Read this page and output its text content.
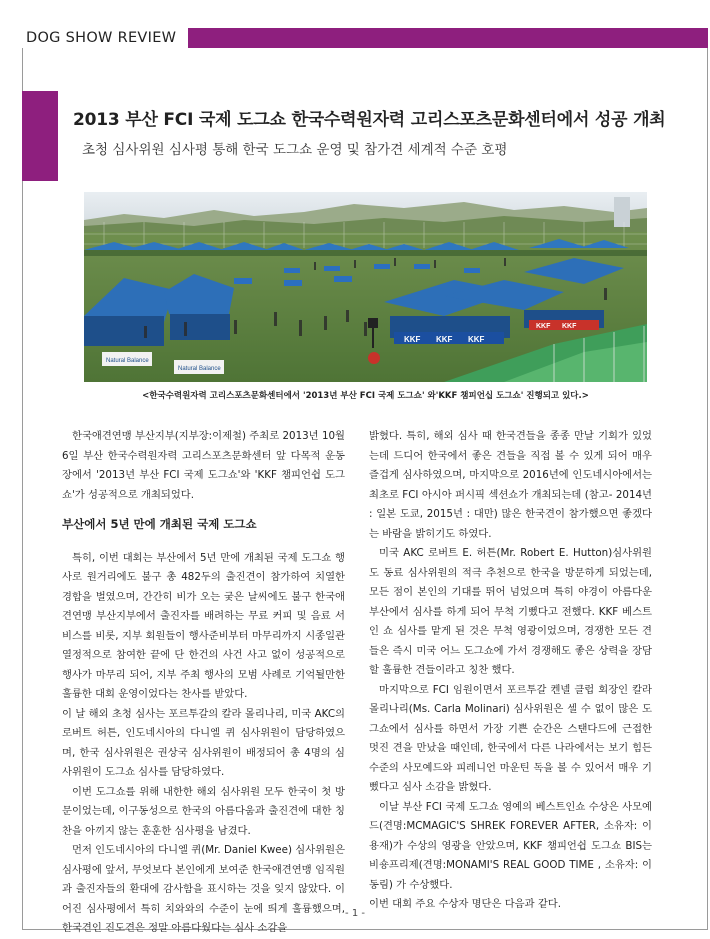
DOG SHOW REVIEW
2013 부산 FCI 국제 도그쇼 한국수력원자력 고리스포츠문화센터에서 성공 개최
초청 심사위원 심사평 통해 한국 도그쇼 운영 및 참가견 세계적 수준 호평
KKF KKF KKF
KKF KKF
Natural Balance
Natural Balance
<한국수력원자력 고리스포츠문화센터에서 '2013년 부산 FCI 국제 도그쇼' 와'KKF 챔피언십 도그쇼' 진행되고 있다.>

한국애견연맹 부산지부(지부장:이제철) 주최로 2013년 10월 6일 부산 한국수력원자력 고리스포츠문화센터 앞 다목적 운동장에서 '2013년 부산 FCI 국제 도그쇼'와 'KKF 챔피언쉽 도그쇼'가 성공적으로 개최되었다.

부산에서 5년 만에 개최된 국제 도그쇼

특히, 이번 대회는 부산에서 5년 만에 개최된 국제 도그쇼 행사로 원거리에도 불구 총 482두의 출진견이 참가하여 치열한 경합을 벌였으며, 간간히 비가 오는 궂은 날씨에도 불구 한국애견연맹 부산지부에서 출진자를 배려하는 무료 커피 및 음료 서비스를 비롯, 지부 회원들이 행사준비부터 마무리까지 시종일관 열정적으로 참여한 끝에 단 한건의 사건 사고 없이 성공적으로 행사가 마무리 되어, 지부 주최 행사의 모범 사례로 기억될만한 훌륭한 대회 운영이었다는 찬사를 받았다.

이 날 해외 초청 심사는 포르투갈의 칼라 몰리나리, 미국 AKC의 로버트 허튼, 인도네시아의 다니엘 퀴 심사위원이 담당하였으며, 한국 심사위원은 권상국 심사위원이 배정되어 총 4명의 심사위원이 도그쇼 심사를 담당하였다.

이번 도그쇼를 위해 내한한 해외 심사위원 모두 한국이 첫 방문이었는데, 이구동성으로 한국의 아름다움과 출진견에 대한 칭찬을 아끼지 않는 훈훈한 심사평을 남겼다.

먼저 인도네시아의 다니엘 퀴(Mr. Daniel Kwee) 심사위원은 심사평에 앞서, 무엇보다 본인에게 보여준 한국애견연맹 임직원과 출진자들의 환대에 감사함을 표시하는 것을 잊지 않았다. 이어진 심사평에서 특히 치와와의 수준이 눈에 띄게 훌륭했으며, 한국견인 진도견은 정말 아름다웠다는 심사 소감을

밝혔다. 특히, 해외 심사 때 한국견들을 종종 만날 기회가 있었는데 드디어 한국에서 좋은 견들을 직접 볼 수 있게 되어 매우 즐겁게 심사하였으며, 마지막으로 2016년에 인도네시아에서는 최초로 FCI 아시아 퍼시픽 섹션쇼가 개최되는데 (참고- 2014년 : 일본 도쿄, 2015년 : 대만) 많은 한국견이 참가했으면 좋겠다는 바람을 밝히기도 하였다.

미국 AKC 로버트 E. 허튼(Mr. Robert E. Hutton)심사위원도 동료 심사위원의 적극 추천으로 한국을 방문하게 되었는데, 모든 점이 본인의 기대를 뛰어 넘었으며 특히 야경이 아름다운 부산에서 심사를 하게 되어 무척 기뻤다고 전했다. KKF 베스트 인 쇼 심사를 맡게 된 것은 무척 영광이었으며, 경쟁한 모든 견들은 즉시 미국 어느 도그쇼에 가서 경쟁해도 좋은 상력을 장담할 훌륭한 견들이라고 칭찬 했다.

마지막으로 FCI 임원이면서 포르투갈 켄넬 클럽 회장인 칼라 몰리나리(Ms. Carla Molinari) 심사위원은 셀 수 없이 많은 도그쇼에서 심사를 하면서 가장 기쁜 순간은 스탠다드에 근접한 멋진 견을 만났을 때인데, 한국에서 다른 나라에서는 보기 힘든 수준의 사모예드와 피레니언 마운틴 독을 볼 수 있어서 매우 기뻤다고 심사 소감을 밝혔다.

이날 부산 FCI 국제 도그쇼 영예의 베스트인쇼 수상은 사모예드(견명:MCMAGIC'S SHREK FOREVER AFTER, 소유자: 이용재)가 수상의 영광을 안았으며, KKF 챔피언쉽 도그쇼 BIS는 비숑프리제(견명:MONAMI'S REAL GOOD TIME , 소유자: 이동림) 가 수상했다.

이번 대회 주요 수상자 명단은 다음과 같다.

- 1 -
